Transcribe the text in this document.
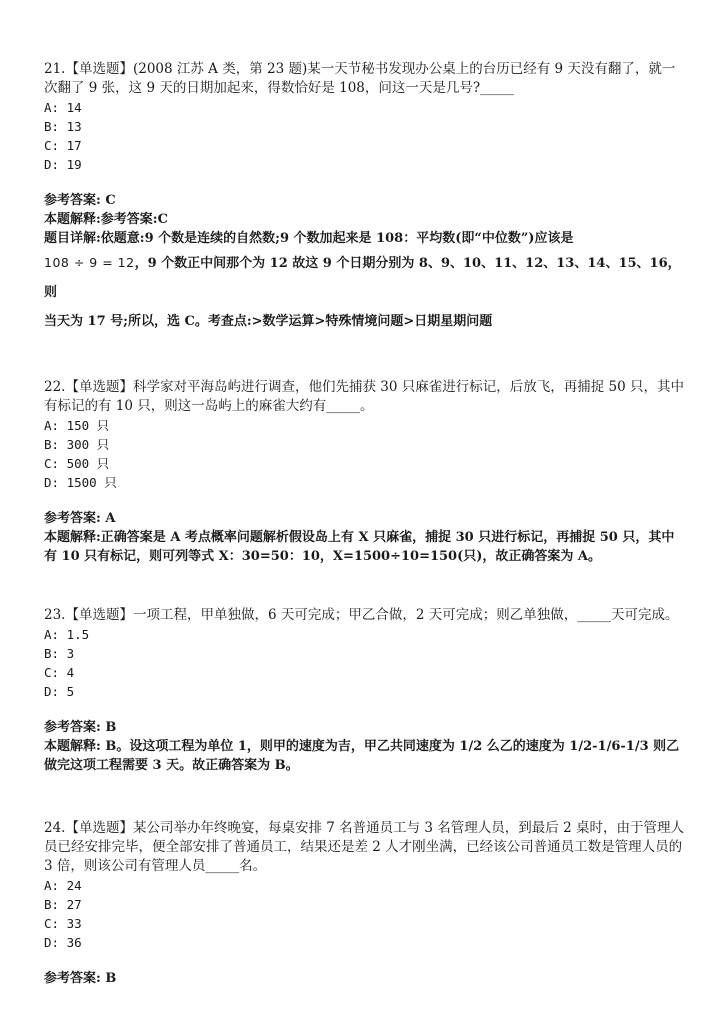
21.【单选题】(2008 江苏 A 类，第 23 题)某一天节秘书发现办公桌上的台历已经有 9 天没有翻了，就一次翻了 9 张，这 9 天的日期加起来，得数恰好是 108，问这一天是几号?_____

A: 14
B: 13
C: 17
D: 19

参考答案: C

本题解释:参考答案:C

题目详解:依题意:9 个数是连续的自然数;9 个数加起来是 108：平均数(即“中位数”)应该是

108 ÷ 9 = 12，9 个数正中间那个为 12 故这 9 个日期分别为 8、9、10、11、12、13、14、15、16，则

当天为 17 号;所以，选 C。考查点:>数学运算>特殊情境问题>日期星期问题

22.【单选题】科学家对平海岛屿进行调查，他们先捕获 30 只麻雀进行标记，后放飞，再捕捉 50 只，其中有标记的有 10 只，则这一岛屿上的麻雀大约有_____。

A: 150 只
B: 300 只
C: 500 只
D: 1500 只

参考答案: A

本题解释:正确答案是 A 考点概率问题解析假设岛上有 X 只麻雀，捕捉 30 只进行标记，再捕捉 50 只，其中有 10 只有标记，则可列等式 X：30=50：10，X=1500÷10=150(只)，故正确答案为 A。

23.【单选题】一项工程，甲单独做，6 天可完成；甲乙合做，2 天可完成；则乙单独做，_____天可完成。

A: 1.5
B: 3
C: 4
D: 5

参考答案: B

本题解释: B。设这项工程为单位 1，则甲的速度为吉，甲乙共同速度为 1/2 么乙的速度为 1/2-1/6-1/3 则乙做完这项工程需要 3 天。故正确答案为 B。

24.【单选题】某公司举办年终晚宴，每桌安排 7 名普通员工与 3 名管理人员，到最后 2 桌时，由于管理人员已经安排完毕，便全部安排了普通员工，结果还是差 2 人才刚坐满，已经该公司普通员工数是管理人员的 3 倍，则该公司有管理人员_____名。

A: 24
B: 27
C: 33
D: 36

参考答案: B
